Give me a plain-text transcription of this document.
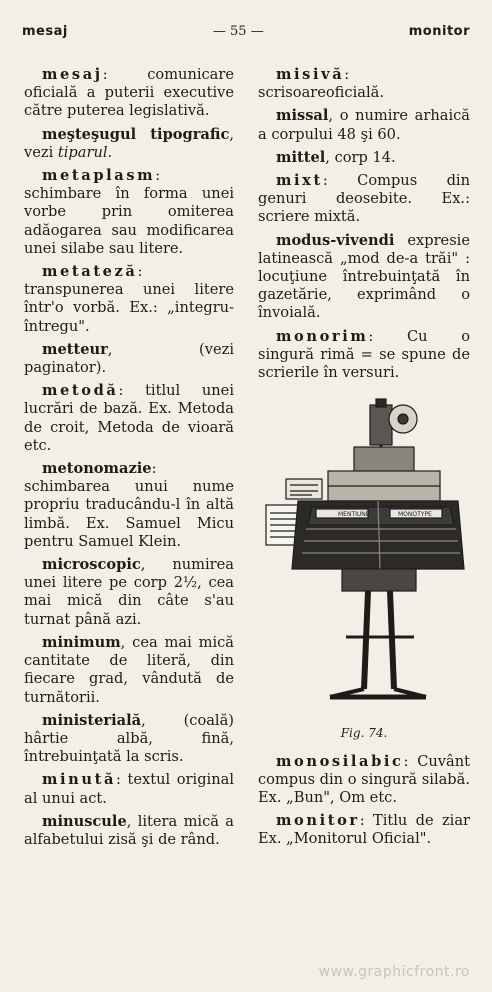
mesaj	— 55 —	monitor

mesaj: comunicare oficială a puterii executive către puterea legislativă.

meşteşugul tipografic, vezi tiparul.

metaplasm: schimbare în forma unei vorbe prin omiterea adăogarea sau modificarea unei silabe sau litere.

metateză: transpunerea unei litere într'o vorbă. Ex.: „integru-întregu".

metteur, (vezi paginator).

metodă: titlul unei lucrări de bază. Ex. Metoda de croit, Metoda de vioară etc.

metonomazie: schimbarea unui nume propriu traducându-l în altă limbă. Ex. Samuel Micu pentru Samuel Klein.

microscopic, numirea unei litere pe corp 2½, cea mai mică din câte s'au turnat până azi.

minimum, cea mai mică cantitate de literă, din fiecare grad, vândută de turnătorii.

ministerială, (coală) hârtie albă, fină, întrebuinţată la scris.

minută: textul original al unui act.

minuscule, litera mică a alfabetului zisă şi de rând.

misivă: scrisoareoficială.

missal, o numire arhaică a corpului 48 şi 60.

mittel, corp 14.

mixt: Compus din genuri deosebite. Ex.: scriere mixtă.

modus-vivendi expresie latinească „mod de-a trăi" : locuţiune întrebuinţată în gazetărie, exprimând o învoială.

monorim: Cu o singură rimă = se spune de scrierile în versuri.

MENTIUNE	MONOTYPE

Fig. 74.

monosilabic: Cuvânt compus din o singură silabă. Ex. „Bun", Om etc.

monitor: Titlu de ziar Ex. „Monitorul Oficial".

www.graphicfront.ro
